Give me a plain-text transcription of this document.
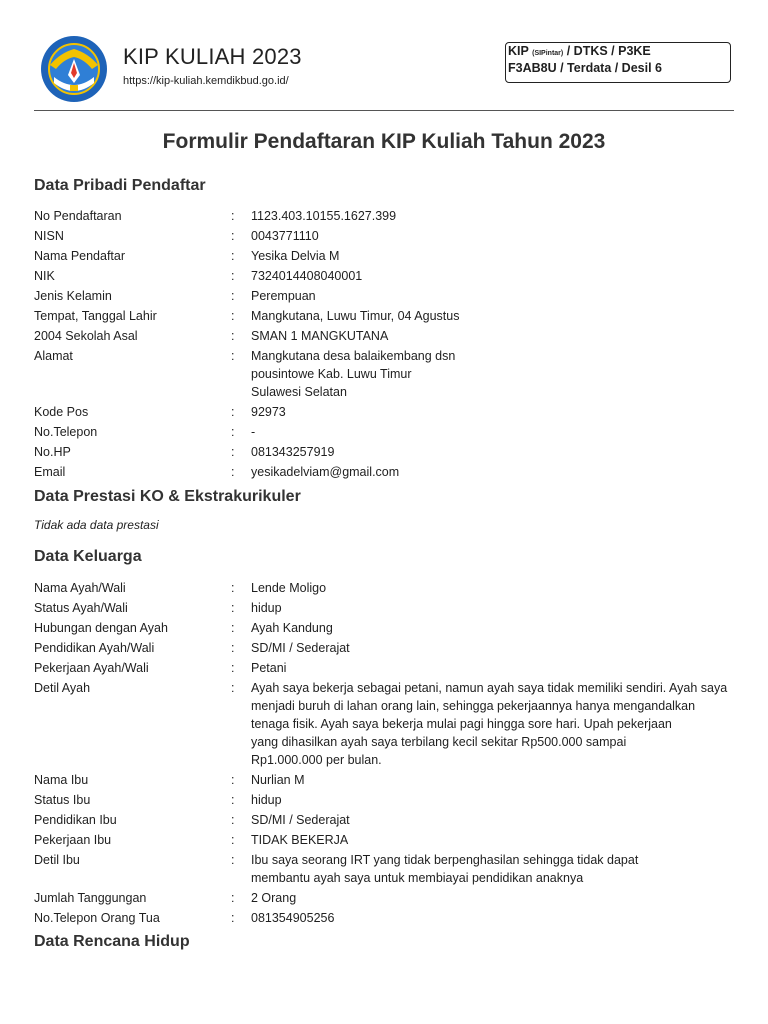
KIP KULIAH 2023
https://kip-kuliah.kemdikbud.go.id/
KIP (SIPintar) / DTKS / P3KE
F3AB8U / Terdata / Desil 6
Formulir Pendaftaran KIP Kuliah Tahun 2023
Data Pribadi Pendaftar
No Pendaftaran	: 1123.403.10155.1627.399
NISN	: 0043771110
Nama Pendaftar	: Yesika Delvia M
NIK	: 7324014408040001
Jenis Kelamin	: Perempuan
Tempat, Tanggal Lahir	: Mangkutana, Luwu Timur, 04 Agustus
2004 Sekolah Asal	: SMAN 1 MANGKUTANA
Alamat	: Mangkutana desa balaikembang dsn
pousintowe Kab. Luwu Timur
Sulawesi Selatan
Kode Pos	: 92973
No.Telepon	: -
No.HP	: 081343257919
Email	: yesikadelviam@gmail.com
Data Prestasi KO & Ekstrakurikuler
Tidak ada data prestasi
Data Keluarga
Nama Ayah/Wali	: Lende Moligo
Status Ayah/Wali	: hidup
Hubungan dengan Ayah	: Ayah Kandung
Pendidikan Ayah/Wali	: SD/MI / Sederajat
Pekerjaan Ayah/Wali	: Petani
Detil Ayah	: Ayah saya bekerja sebagai petani, namun ayah saya tidak memiliki sendiri. Ayah saya
menjadi buruh di lahan orang lain, sehingga pekerjaannya hanya mengandalkan
tenaga fisik. Ayah saya bekerja mulai pagi hingga sore hari. Upah pekerjaan
yang dihasilkan ayah saya terbilang kecil sekitar Rp500.000 sampai
Rp1.000.000 per bulan.
Nama Ibu	: Nurlian M
Status Ibu	: hidup
Pendidikan Ibu	: SD/MI / Sederajat
Pekerjaan Ibu	: TIDAK BEKERJA
Detil Ibu	: Ibu saya seorang IRT yang tidak berpenghasilan sehingga tidak dapat
membantu ayah saya untuk membiayai pendidikan anaknya
Jumlah Tanggungan	: 2 Orang
No.Telepon Orang Tua	: 081354905256
Data Rencana Hidup
